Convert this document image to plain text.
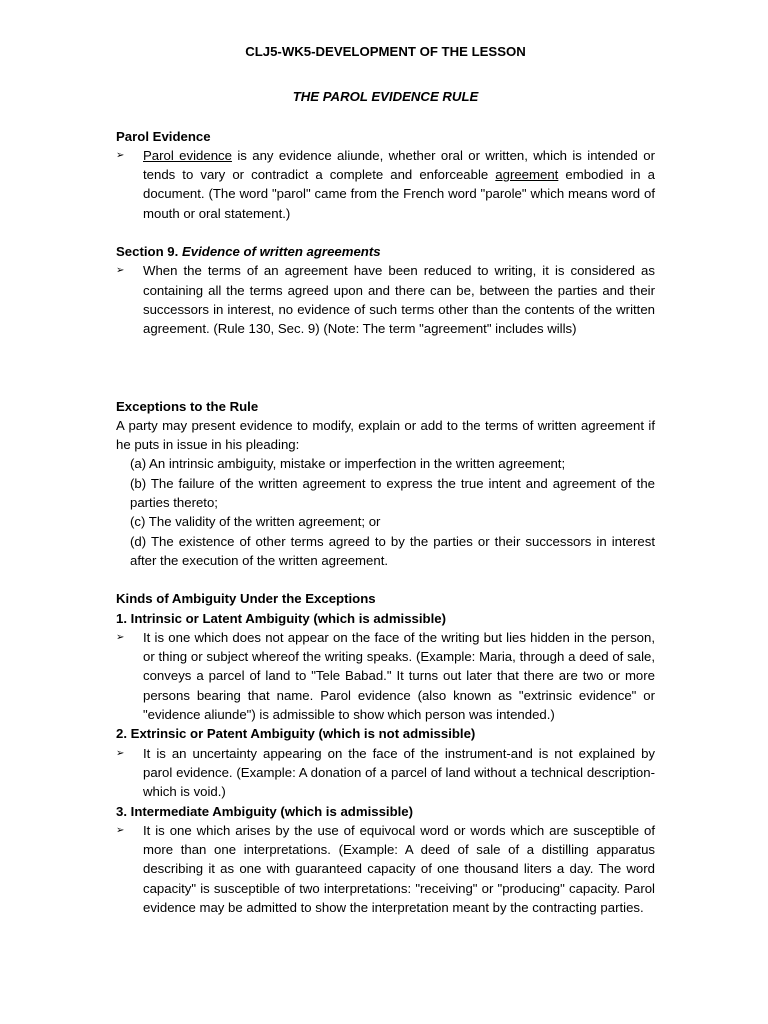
CLJ5-WK5-DEVELOPMENT OF THE LESSON

THE PAROL EVIDENCE RULE

Parol Evidence

➢ Parol evidence is any evidence aliunde, whether oral or written, which is intended or tends to vary or contradict a complete and enforceable agreement embodied in a document. (The word "parol" came from the French word "parole" which means word of mouth or oral statement.)

Section 9. Evidence of written agreements

➢ When the terms of an agreement have been reduced to writing, it is considered as containing all the terms agreed upon and there can be, between the parties and their successors in interest, no evidence of such terms other than the contents of the written agreement. (Rule 130, Sec. 9) (Note: The term "agreement" includes wills)

Exceptions to the Rule

A party may present evidence to modify, explain or add to the terms of written agreement if he puts in issue in his pleading:

(a) An intrinsic ambiguity, mistake or imperfection in the written agreement;

(b) The failure of the written agreement to express the true intent and agreement of the parties thereto;

(c) The validity of the written agreement; or

(d) The existence of other terms agreed to by the parties or their successors in interest after the execution of the written agreement.

Kinds of Ambiguity Under the Exceptions

1. Intrinsic or Latent Ambiguity (which is admissible)

➢ It is one which does not appear on the face of the writing but lies hidden in the person, or thing or subject whereof the writing speaks. (Example: Maria, through a deed of sale, conveys a parcel of land to "Tele Babad." It turns out later that there are two or more persons bearing that name. Parol evidence (also known as "extrinsic evidence" or "evidence aliunde") is admissible to show which person was intended.)

2. Extrinsic or Patent Ambiguity (which is not admissible)

➢ It is an uncertainty appearing on the face of the instrument-and is not explained by parol evidence. (Example: A donation of a parcel of land without a technical description-which is void.)

3. Intermediate Ambiguity (which is admissible)

➢ It is one which arises by the use of equivocal word or words which are susceptible of more than one interpretations. (Example: A deed of sale of a distilling apparatus describing it as one with guaranteed capacity of one thousand liters a day. The word capacity" is susceptible of two interpretations: "receiving" or "producing" capacity. Parol evidence may be admitted to show the interpretation meant by the contracting parties.
